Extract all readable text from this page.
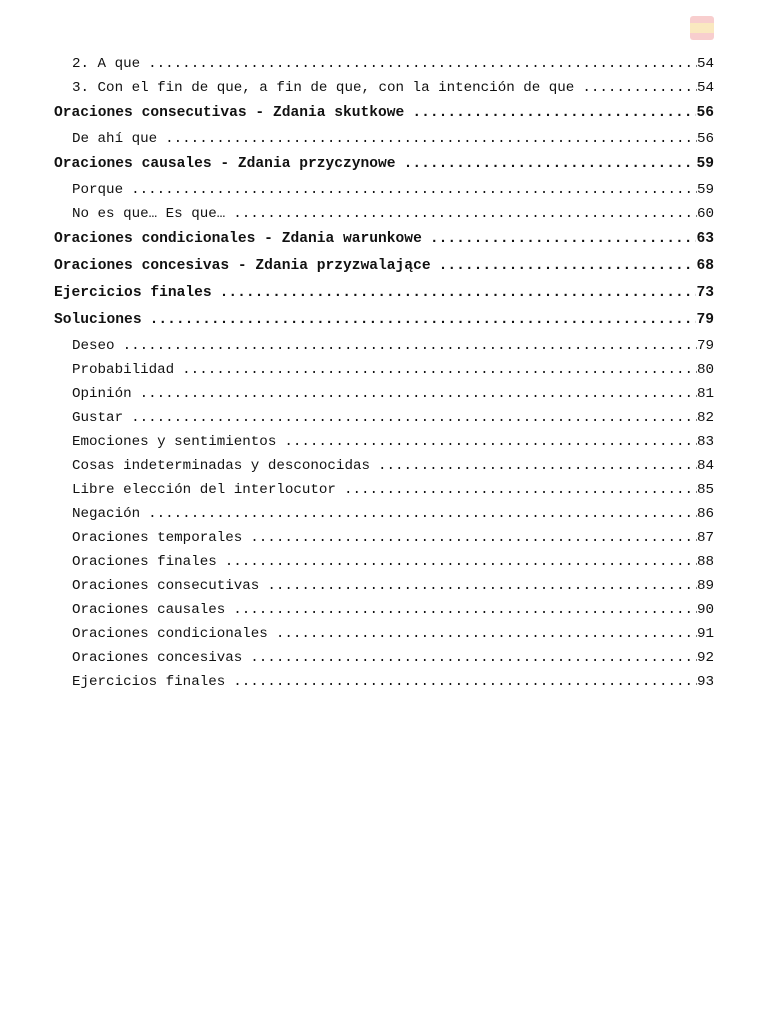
2. A que .....	54
3. Con el fin de que, a fin de que, con la intención de que .....	54
Oraciones consecutivas - Zdania skutkowe .....	56
De ahí que .....	56
Oraciones causales - Zdania przyczynowe .....	59
Porque .....	59
No es que… Es que… .....	60
Oraciones condicionales - Zdania warunkowe .....	63
Oraciones concesivas - Zdania przyzwalające .....	68
Ejercicios finales .....	73
Soluciones .....	79
Deseo .....	79
Probabilidad .....	80
Opinión .....	81
Gustar .....	82
Emociones y sentimientos .....	83
Cosas indeterminadas y desconocidas .....	84
Libre elección del interlocutor .....	85
Negación .....	86
Oraciones temporales .....	87
Oraciones finales .....	88
Oraciones consecutivas .....	89
Oraciones causales .....	90
Oraciones condicionales .....	91
Oraciones concesivas .....	92
Ejercicios finales .....	93
